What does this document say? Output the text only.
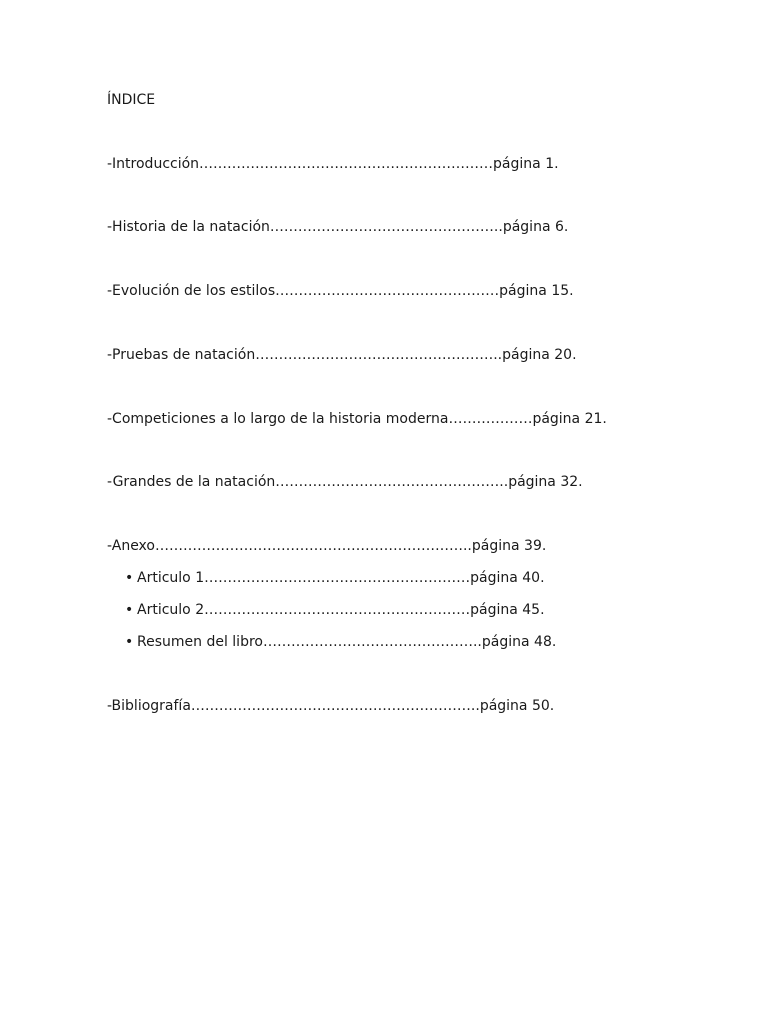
ÍNDICE
-Introducción………………………………………………………página 1.
-Historia de la natación…………………………………………..página 6.
-Evolución de los estilos…………………………………………página 15.
-Pruebas de natación……………………………………………..página 20.
-Competiciones a lo largo de la historia moderna………………página 21.
-Grandes de la natación…………………………………………..página 32.
-Anexo…………………………………………………………..página 39.
• Articulo 1…………………………………………………página 40.
• Articulo 2…………………………………………………página 45.
• Resumen del libro………………………………………..página 48.
-Bibliografía……………………………………………………..página 50.
